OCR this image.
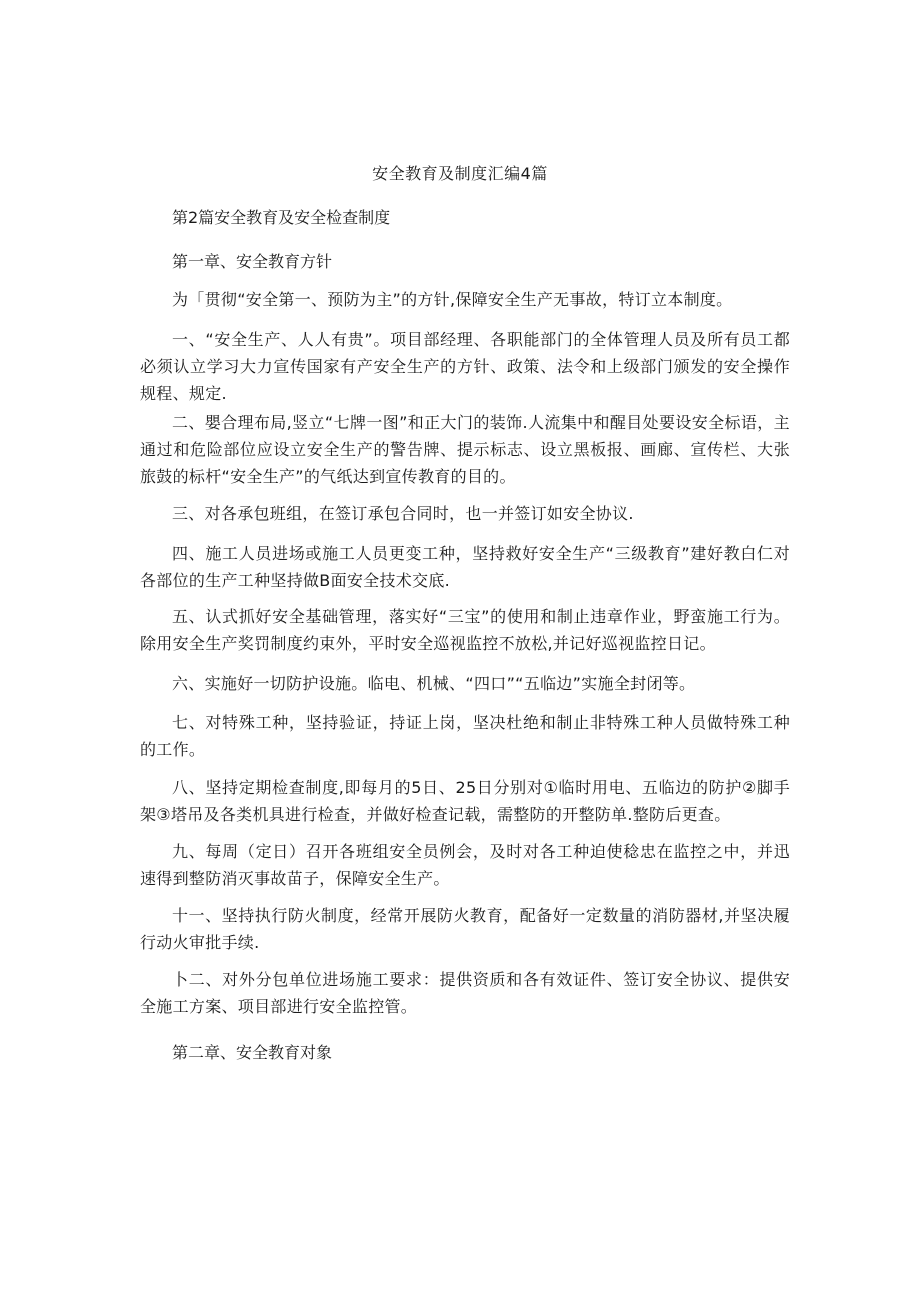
安全教育及制度汇编4篇
第2篇安全教育及安全检查制度
第一章、安全教育方针
为「贯彻“安全第一、预防为主”的方针,保障安全生产无事故，特订立本制度。
一、“安全生产、人人有贵”。项目部经理、各职能部门的全体管理人员及所有员工都必须认立学习大力宣传国家有产安全生产的方针、政策、法令和上级部门颁发的安全操作规程、规定.
二、嬰合理布局,竖立“七牌一图”和正大门的装饰.人流集中和醒目处要设安全标语，主通过和危险部位应设立安全生产的警告牌、提示标志、设立黑板报、画廊、宣传栏、大张旅鼓的标杆“安全生产”的气纸达到宣传教育的目的。
三、对各承包班组，在签订承包合同时，也一并签订如安全协议.
四、施工人员进场或施工人员更变工种，坚持救好安全生产“三级教育”建好教白仁对各部位的生产工种坚持做B面安全技术交底.
五、认式抓好安全基础管理，落实好“三宝”的使用和制止违章作业，野蛮施工行为。除用安全生产奖罚制度约束外，平时安全巡视监控不放松,并记好巡视监控日记。
六、实施好一切防护设施。临电、机械、“四口”“五临边”实施全封闭等。
七、对特殊工种，坚持验证，持证上岗，坚决杜绝和制止非特殊工种人员做特殊工种的工作。
八、坚持定期检查制度,即每月的5日、25日分别对①临时用电、五临边的防护②脚手架③塔吊及各类机具进行检查，并做好检查记载，需整防的开整防单.整防后更查。
九、每周（定日）召开各班组安全员例会，及时对各工种迫使稔忠在监控之中，并迅速得到整防消灭事故苗子，保障安全生产。
十一、坚持执行防火制度，经常开展防火教育，配备好一定数量的消防器材,并坚决履行动火审批手续.
卜二、对外分包单位进场施工要求：提供资质和各有效证件、签订安全协议、提供安全施工方案、项目部进行安全监控管。
第二章、安全教育对象
